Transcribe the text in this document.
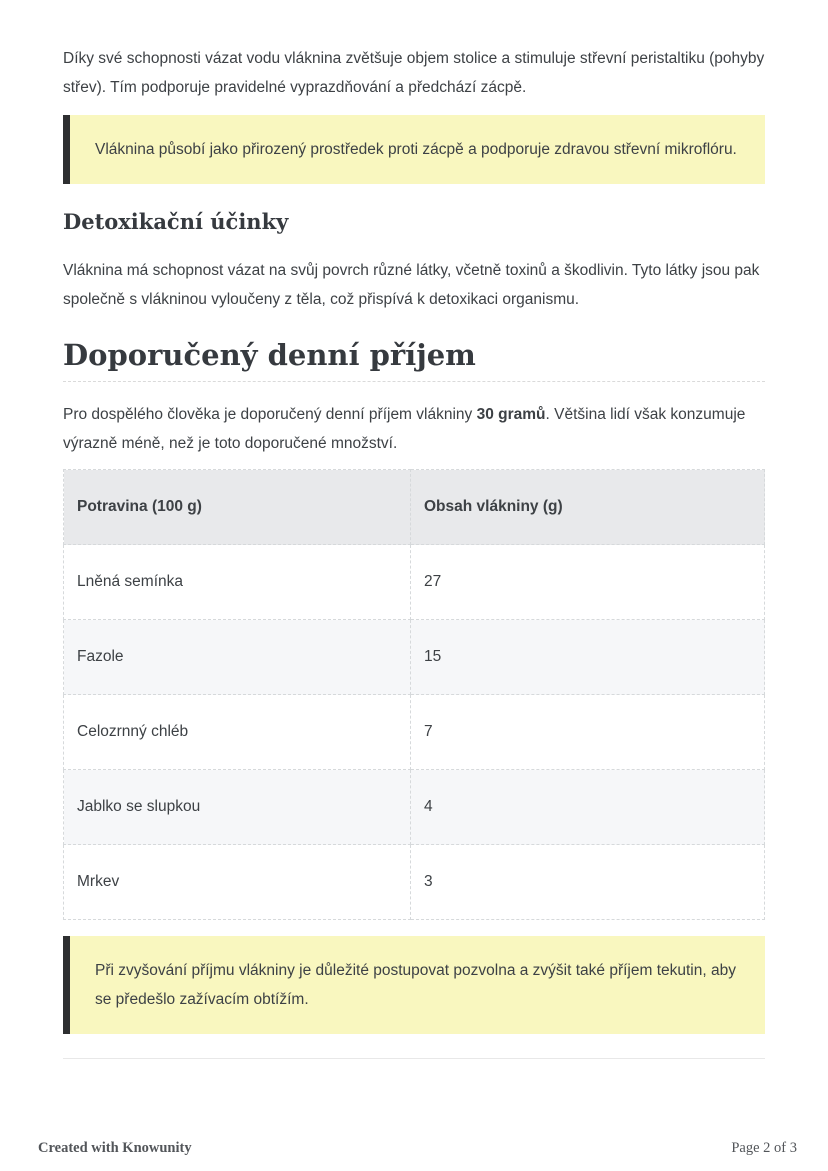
Díky své schopnosti vázat vodu vláknina zvětšuje objem stolice a stimuluje střevní peristaltiku (pohyby střev). Tím podporuje pravidelné vyprazdňování a předchází zácpě.

Vláknina působí jako přirozený prostředek proti zácpě a podporuje zdravou střevní mikroflóru.

Detoxikační účinky

Vláknina má schopnost vázat na svůj povrch různé látky, včetně toxinů a škodlivin. Tyto látky jsou pak společně s vlákninou vyloučeny z těla, což přispívá k detoxikaci organismu.

Doporučený denní příjem

Pro dospělého člověka je doporučený denní příjem vlákniny 30 gramů. Většina lidí však konzumuje výrazně méně, než je toto doporučené množství.

Potravina (100 g)	Obsah vlákniny (g)
Lněná semínka	27
Fazole	15
Celozrnný chléb	7
Jablko se slupkou	4
Mrkev	3

Při zvyšování příjmu vlákniny je důležité postupovat pozvolna a zvýšit také příjem tekutin, aby se předešlo zažívacím obtížím.

Created with Knowunity	Page 2 of 3
